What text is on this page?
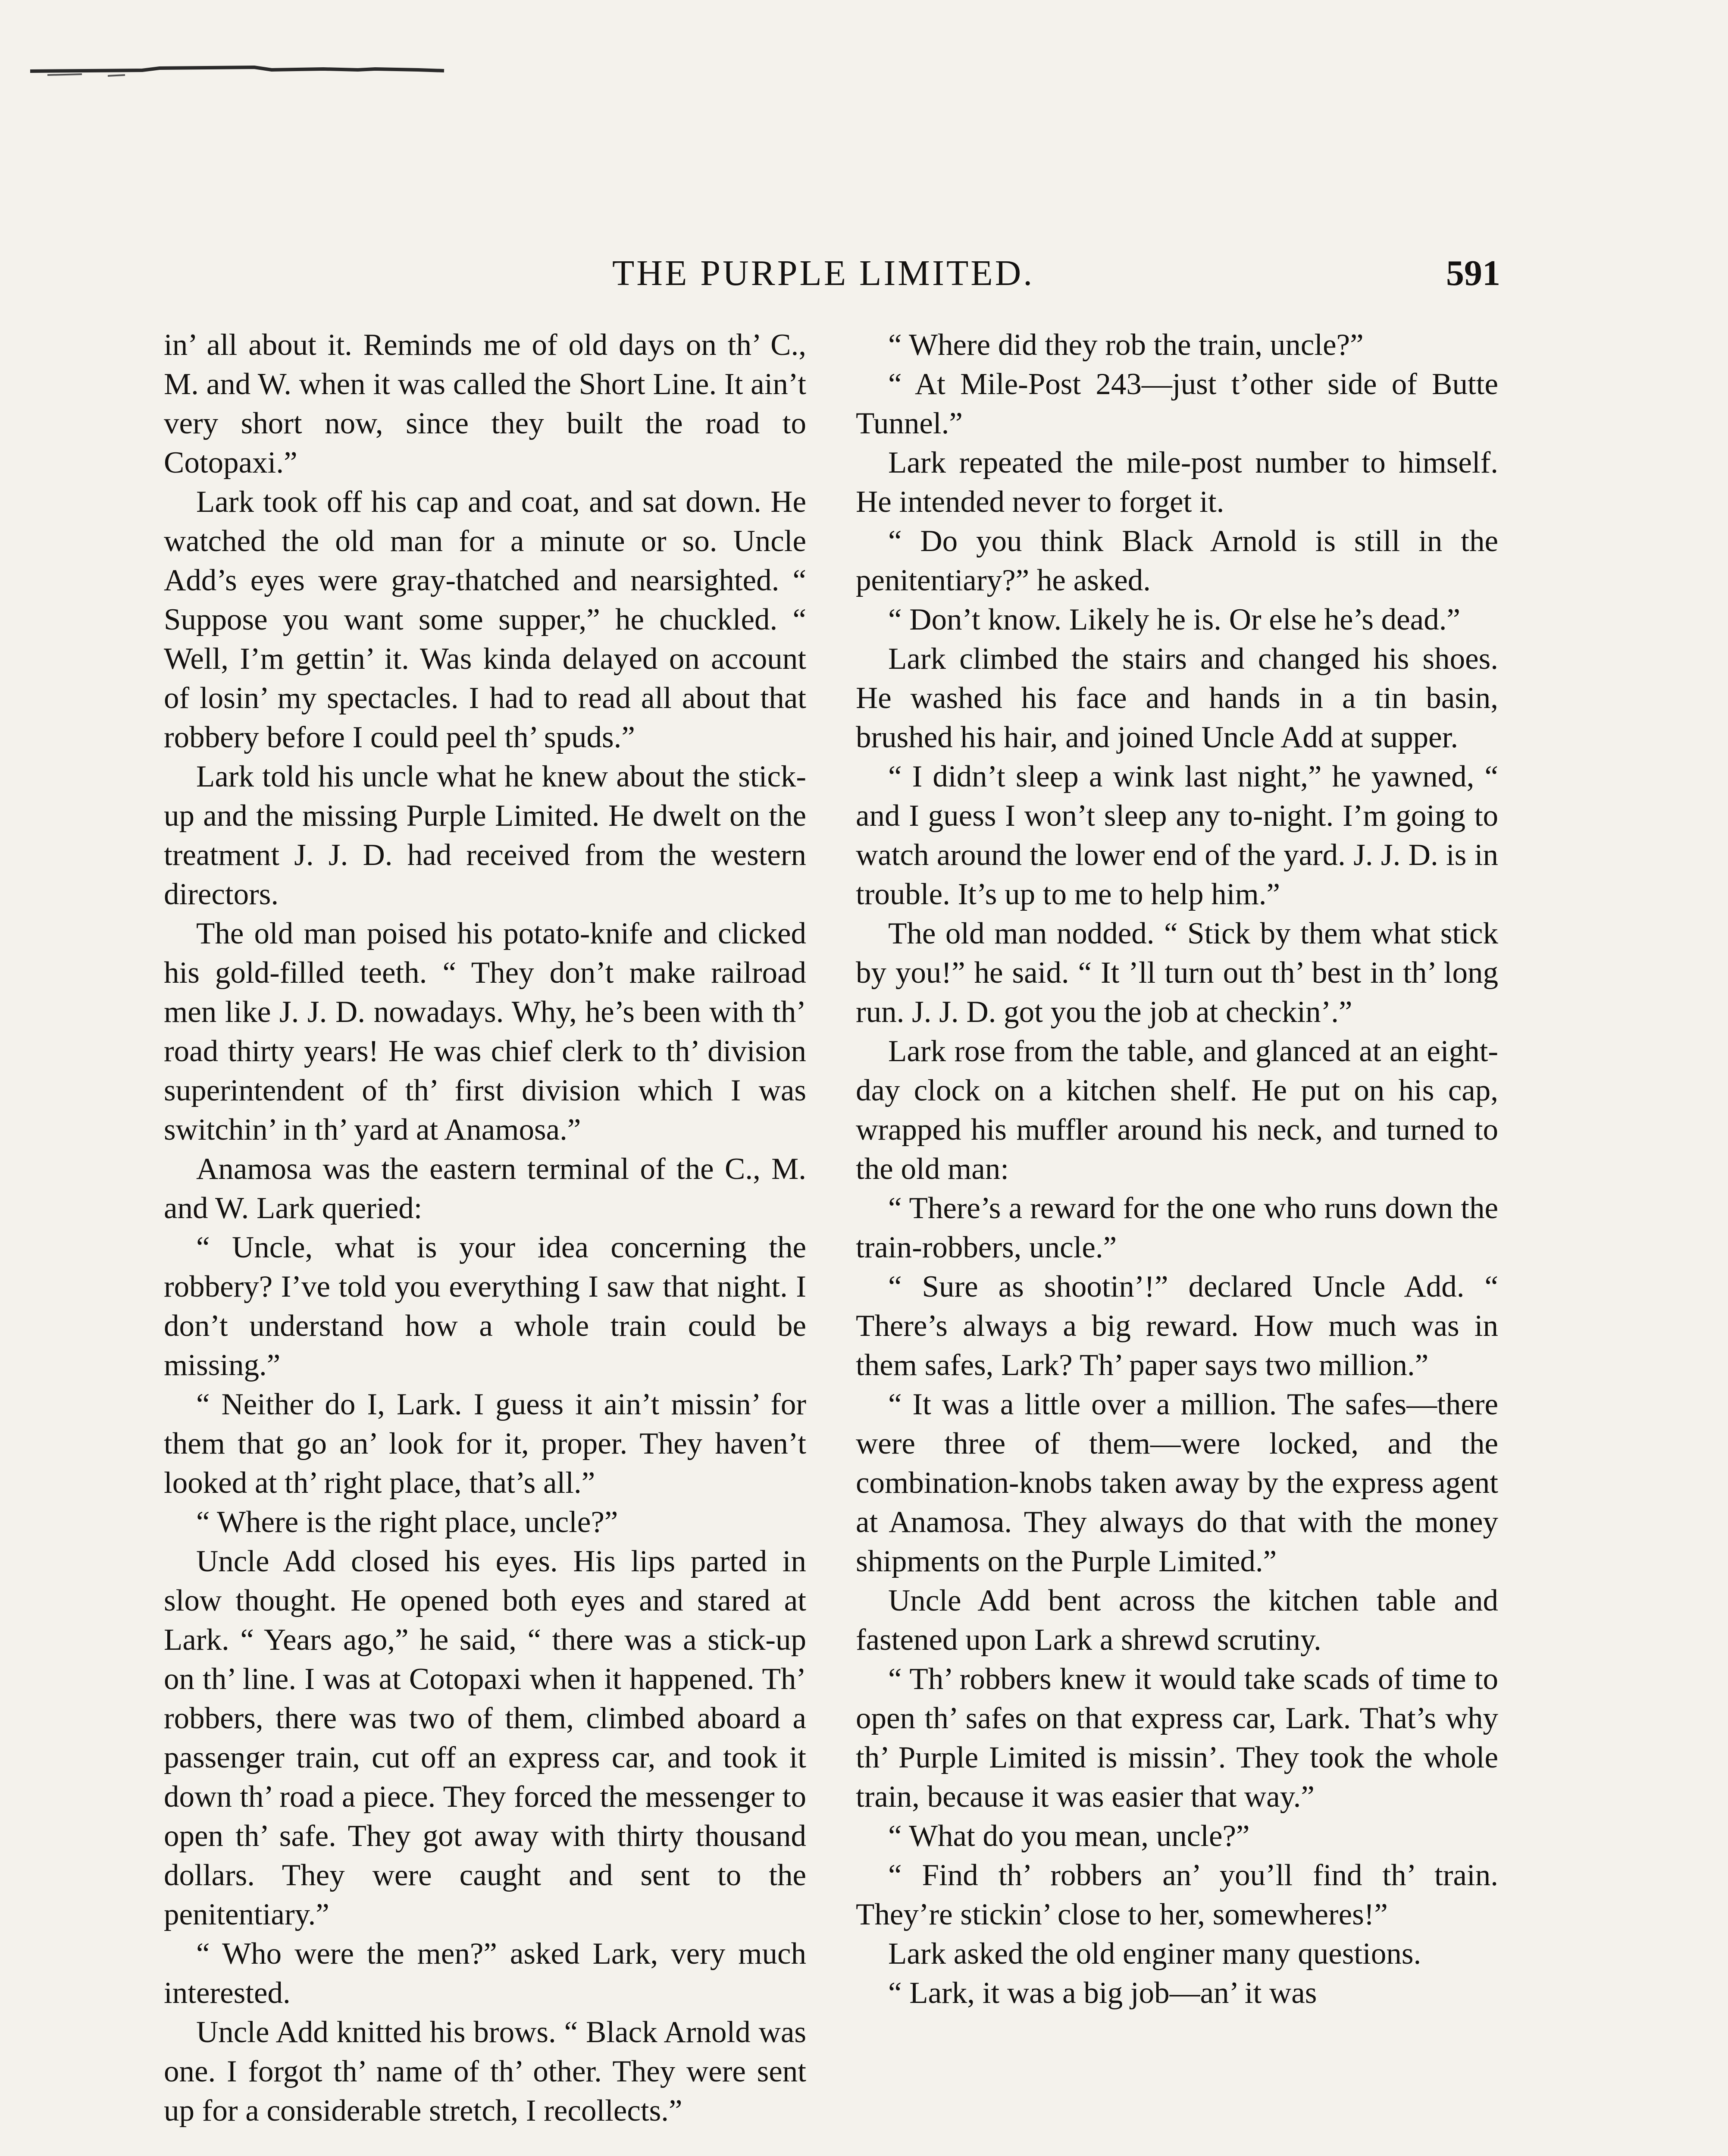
THE PURPLE LIMITED.	591

in’ all about it. Reminds me of old days on th’ C., M. and W. when it was called the Short Line. It ain’t very short now, since they built the road to Cotopaxi.”

Lark took off his cap and coat, and sat down. He watched the old man for a minute or so. Uncle Add’s eyes were gray-thatched and nearsighted. “ Suppose you want some supper,” he chuckled. “ Well, I’m gettin’ it. Was kinda delayed on account of losin’ my spectacles. I had to read all about that robbery before I could peel th’ spuds.”

Lark told his uncle what he knew about the stick-up and the missing Purple Limited. He dwelt on the treatment J. J. D. had received from the western directors.

The old man poised his potato-knife and clicked his gold-filled teeth. “ They don’t make railroad men like J. J. D. nowadays. Why, he’s been with th’ road thirty years! He was chief clerk to th’ division superintendent of th’ first division which I was switchin’ in th’ yard at Anamosa.”

Anamosa was the eastern terminal of the C., M. and W. Lark queried:

“ Uncle, what is your idea concerning the robbery? I’ve told you everything I saw that night. I don’t understand how a whole train could be missing.”

“ Neither do I, Lark. I guess it ain’t missin’ for them that go an’ look for it, proper. They haven’t looked at th’ right place, that’s all.”

“ Where is the right place, uncle?”

Uncle Add closed his eyes. His lips parted in slow thought. He opened both eyes and stared at Lark. “ Years ago,” he said, “ there was a stick-up on th’ line. I was at Cotopaxi when it happened. Th’ robbers, there was two of them, climbed aboard a passenger train, cut off an express car, and took it down th’ road a piece. They forced the messenger to open th’ safe. They got away with thirty thousand dollars. They were caught and sent to the penitentiary.”

“ Who were the men?” asked Lark, very much interested.

Uncle Add knitted his brows. “ Black Arnold was one. I forgot th’ name of th’ other. They were sent up for a considerable stretch, I recollects.”

“ Where did they rob the train, uncle?”

“ At Mile-Post 243—just t’other side of Butte Tunnel.”

Lark repeated the mile-post number to himself. He intended never to forget it.

“ Do you think Black Arnold is still in the penitentiary?” he asked.

“ Don’t know. Likely he is. Or else he’s dead.”

Lark climbed the stairs and changed his shoes. He washed his face and hands in a tin basin, brushed his hair, and joined Uncle Add at supper.

“ I didn’t sleep a wink last night,” he yawned, “ and I guess I won’t sleep any to-night. I’m going to watch around the lower end of the yard. J. J. D. is in trouble. It’s up to me to help him.”

The old man nodded. “ Stick by them what stick by you!” he said. “ It ’ll turn out th’ best in th’ long run. J. J. D. got you the job at checkin’.”

Lark rose from the table, and glanced at an eight-day clock on a kitchen shelf. He put on his cap, wrapped his muffler around his neck, and turned to the old man:

“ There’s a reward for the one who runs down the train-robbers, uncle.”

“ Sure as shootin’!” declared Uncle Add. “ There’s always a big reward. How much was in them safes, Lark? Th’ paper says two million.”

“ It was a little over a million. The safes—there were three of them—were locked, and the combination-knobs taken away by the express agent at Anamosa. They always do that with the money shipments on the Purple Limited.”

Uncle Add bent across the kitchen table and fastened upon Lark a shrewd scrutiny.

“ Th’ robbers knew it would take scads of time to open th’ safes on that express car, Lark. That’s why th’ Purple Limited is missin’. They took the whole train, because it was easier that way.”

“ What do you mean, uncle?”

“ Find th’ robbers an’ you’ll find th’ train. They’re stickin’ close to her, somewheres!”

Lark asked the old enginer many questions.

“ Lark, it was a big job—an’ it was
